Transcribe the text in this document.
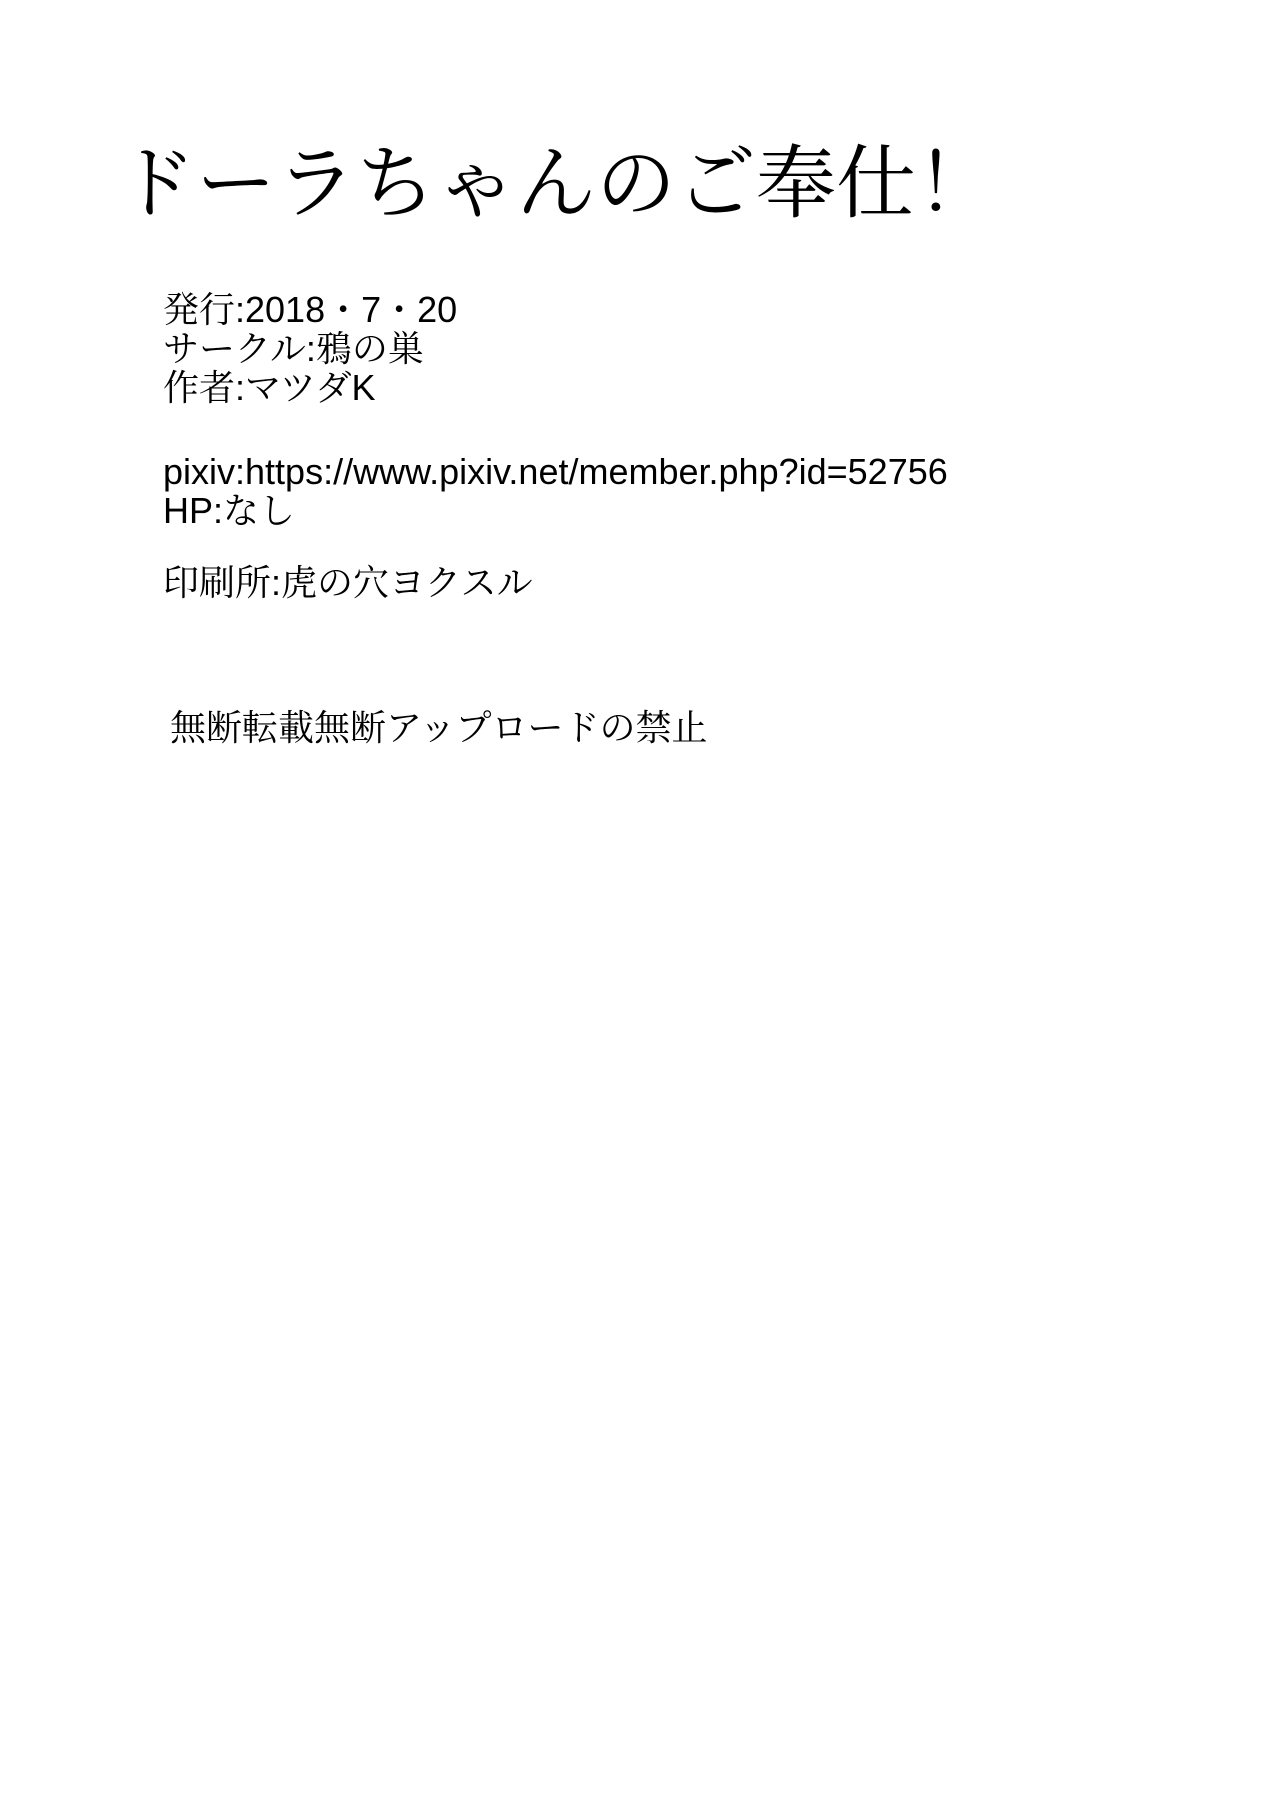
ドーラちゃんのご奉仕！

発行:2018・7・20

サークル:鴉の巣

作者:マツダK

pixiv:https://www.pixiv.net/member.php?id=52756

HP:なし

印刷所:虎の穴ヨクスル

無断転載無断アップロードの禁止
